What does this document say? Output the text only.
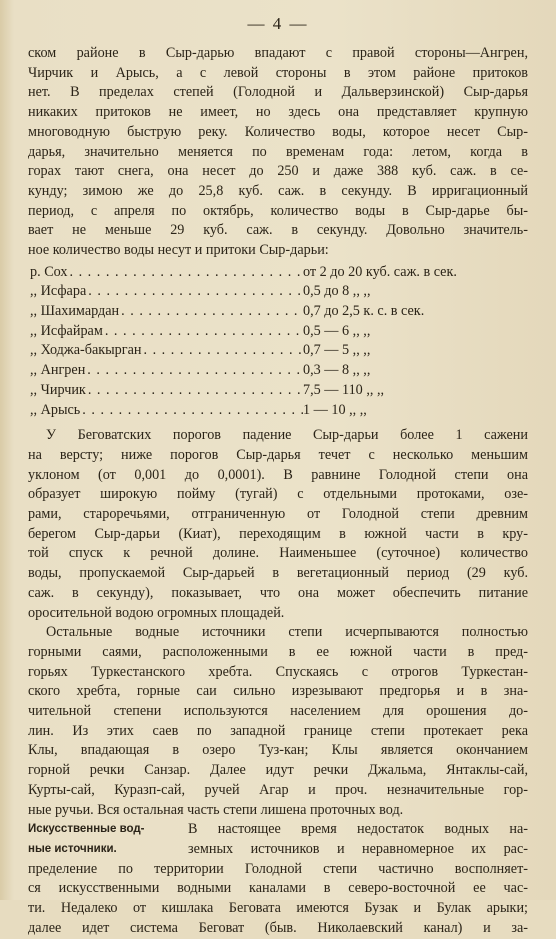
— 4 —
ском районе в Сыр-дарью впадают с правой стороны—Ангрен,
Чирчик и Арысь, а с левой стороны в этом районе притоков
нет. В пределах степей (Голодной и Дальверзинской) Сыр-дарья
никаких притоков не имеет, но здесь она представляет крупную
многоводную быструю реку. Количество воды, которое несет Сыр-
дарья, значительно меняется по временам года: летом, когда в
горах тают снега, она несет до 250 и даже 388 куб. саж. в се-
кунду; зимою же до 25,8 куб. саж. в секунду. В ирригационный
период, с апреля по октябрь, количество воды в Сыр-дарье бы-
вает не меньше 29 куб. саж. в секунду. Довольно значитель-
ное количество воды несут и притоки Сыр-дарьи:
р. Сох . . .	от 2 до 20 куб. саж. в сек.
,, Исфара . . .	0,5 до 8 ,, ,,
,, Шахимардан . . .	0,7 до 2,5 к. с. в сек.
,, Исфайрам . . .	0,5 — 6 ,, ,,
,, Ходжа-бакырган . . .	0,7 — 5 ,, ,,
,, Ангрен . . .	0,3 — 8 ,, ,,
,, Чирчик . . .	7,5 — 110 ,, ,,
,, Арысь . . .	1 — 10 ,, ,,
У Беговатских порогов падение Сыр-дарьи более 1 сажени
на версту; ниже порогов Сыр-дарья течет с несколько меньшим
уклоном (от 0,001 до 0,0001). В равнине Голодной степи она
образует широкую пойму (тугай) с отдельными протоками, озе-
рами, староречьями, отграниченную от Голодной степи древним
берегом Сыр-дарьи (Киат), переходящим в южной части в кру-
той спуск к речной долине. Наименьшее (суточное) количество
воды, пропускаемой Сыр-дарьей в вегетационный период (29 куб.
саж. в секунду), показывает, что она может обеспечить питание
оросительной водою огромных площадей.
Остальные водные источники степи исчерпываются полностью
горными саями, расположенными в ее южной части в пред-
горьях Туркестанского хребта. Спускаясь с отрогов Туркестан-
ского хребта, горные саи сильно изрезывают предгорья и в зна-
чительной степени используются населением для орошения до-
лин. Из этих саев по западной границе степи протекает река
Клы, впадающая в озеро Туз-кан; Клы является окончанием
горной речки Санзар. Далее идут речки Джальма, Янтаклы-сай,
Курты-сай, Куразп-сай, ручей Агар и проч. незначительные гор-
ные ручьи. Вся остальная часть степи лишена проточных вод.
Искусственные вод-	В настоящее время недостаток водных на-
ные источники.	земных источников и неравномерное их рас-
пределение по территории Голодной степи частично восполняет-
ся искусственными водными каналами в северо-восточной ее час-
ти. Недалеко от кишлака Беговата имеются Бузак и Булак арыки;
далее идет система Беговат (быв. Николаевский канал) и за-
